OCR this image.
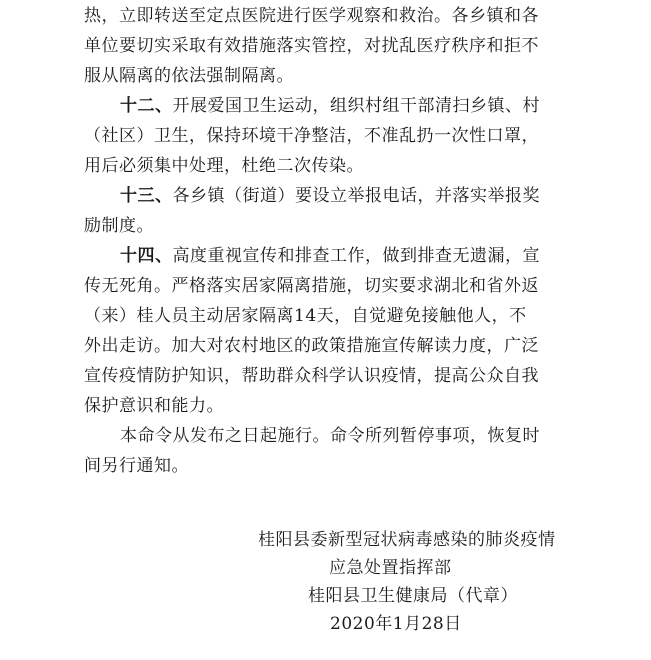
热，立即转送至定点医院进行医学观察和救治。各乡镇和各
单位要切实采取有效措施落实管控，对扰乱医疗秩序和拒不
服从隔离的依法强制隔离。
十二、开展爱国卫生运动，组织村组干部清扫乡镇、村
（社区）卫生，保持环境干净整洁，不准乱扔一次性口罩，
用后必须集中处理，杜绝二次传染。
十三、各乡镇（街道）要设立举报电话，并落实举报奖
励制度。
十四、高度重视宣传和排查工作，做到排查无遗漏，宣
传无死角。严格落实居家隔离措施，切实要求湖北和省外返
（来）桂人员主动居家隔离14天，自觉避免接触他人，不
外出走访。加大对农村地区的政策措施宣传解读力度，广泛
宣传疫情防护知识，帮助群众科学认识疫情，提高公众自我
保护意识和能力。
本命令从发布之日起施行。命令所列暂停事项，恢复时
间另行通知。
桂阳县委新型冠状病毒感染的肺炎疫情
应急处置指挥部
桂阳县卫生健康局（代章）
2020年1月28日
